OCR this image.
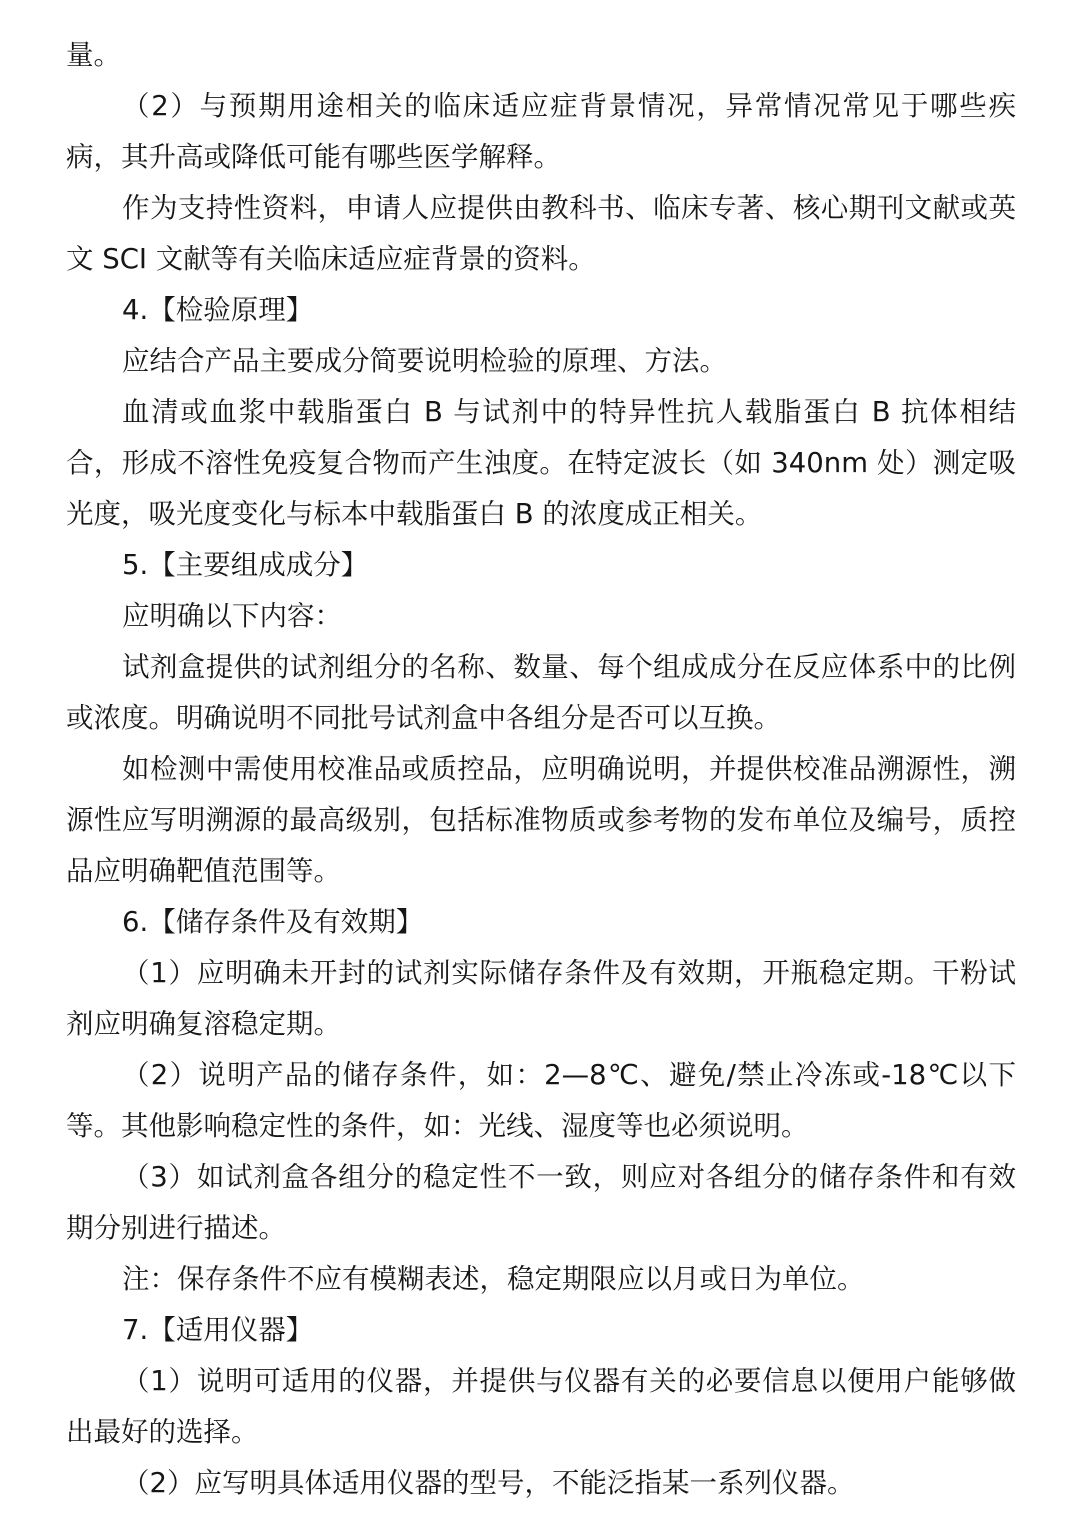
量。

（2）与预期用途相关的临床适应症背景情况，异常情况常见于哪些疾病，其升高或降低可能有哪些医学解释。

作为支持性资料，申请人应提供由教科书、临床专著、核心期刊文献或英文 SCI 文献等有关临床适应症背景的资料。

4.【检验原理】

应结合产品主要成分简要说明检验的原理、方法。

血清或血浆中载脂蛋白 B 与试剂中的特异性抗人载脂蛋白 B 抗体相结合，形成不溶性免疫复合物而产生浊度。在特定波长（如 340nm 处）测定吸光度，吸光度变化与标本中载脂蛋白 B 的浓度成正相关。

5.【主要组成成分】

应明确以下内容：

试剂盒提供的试剂组分的名称、数量、每个组成成分在反应体系中的比例或浓度。明确说明不同批号试剂盒中各组分是否可以互换。

如检测中需使用校准品或质控品，应明确说明，并提供校准品溯源性，溯源性应写明溯源的最高级别，包括标准物质或参考物的发布单位及编号，质控品应明确靶值范围等。

6.【储存条件及有效期】

（1）应明确未开封的试剂实际储存条件及有效期，开瓶稳定期。干粉试剂应明确复溶稳定期。

（2）说明产品的储存条件，如：2—8℃、避免/禁止冷冻或-18℃以下等。其他影响稳定性的条件，如：光线、湿度等也必须说明。

（3）如试剂盒各组分的稳定性不一致，则应对各组分的储存条件和有效期分别进行描述。

注：保存条件不应有模糊表述，稳定期限应以月或日为单位。

7.【适用仪器】

（1）说明可适用的仪器，并提供与仪器有关的必要信息以便用户能够做出最好的选择。

（2）应写明具体适用仪器的型号，不能泛指某一系列仪器。
